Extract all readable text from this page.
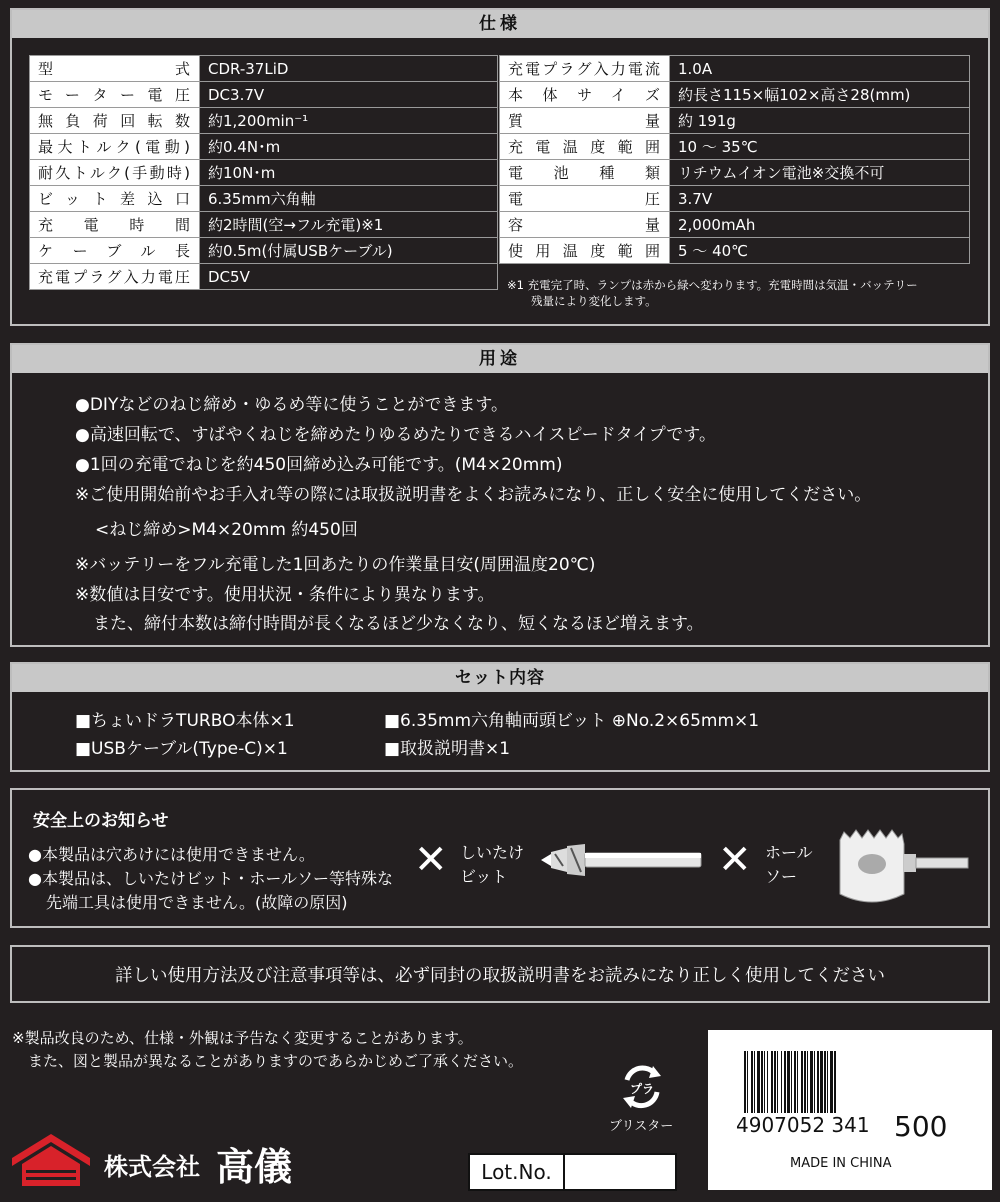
仕様
型式	CDR-37LiD
モーター電圧	DC3.7V
無負荷回転数	約1,200min⁻¹
最大トルク(電動)	約0.4N･m
耐久トルク(手動時)	約10N･m
ビット差込口	6.35mm六角軸
充電時間	約2時間(空→フル充電)※1
ケーブル長	約0.5m(付属USBケーブル)
充電プラグ入力電圧	DC5V
充電プラグ入力電流	1.0A
本体サイズ	約長さ115×幅102×高さ28(mm)
質量	約 191g
充電温度範囲	10 ～ 35℃
電池種類	リチウムイオン電池※交換不可
電圧	3.7V
容量	2,000mAh
使用温度範囲	5 ～ 40℃
※1 充電完了時、ランプは赤から緑へ変わります。充電時間は気温・バッテリー
残量により変化します。
用途
●DIYなどのねじ締め・ゆるめ等に使うことができます。
●高速回転で、すばやくねじを締めたりゆるめたりできるハイスピードタイプです。
●1回の充電でねじを約450回締め込み可能です。(M4×20mm)
※ご使用開始前やお手入れ等の際には取扱説明書をよくお読みになり、正しく安全に使用してください。
<ねじ締め>M4×20mm 約450回
※バッテリーをフル充電した1回あたりの作業量目安(周囲温度20℃)
※数値は目安です。使用状況・条件により異なります。
また、締付本数は締付時間が長くなるほど少なくなり、短くなるほど増えます。
セット内容
■ちょいドラTURBO本体×1	■6.35mm六角軸両頭ビット ⊕No.2×65mm×1
■USBケーブル(Type-C)×1	■取扱説明書×1
安全上のお知らせ
●本製品は穴あけには使用できません。
●本製品は、しいたけビット・ホールソー等特殊な
先端工具は使用できません。(故障の原因)
✕ しいたけ
ビット	✕ ホール
ソー
詳しい使用方法及び注意事項等は、必ず同封の取扱説明書をお読みになり正しく使用してください
※製品改良のため、仕様・外観は予告なく変更することがあります。
また、図と製品が異なることがありますのであらかじめご了承ください。
プラ
ブリスター
株式会社 高儀	Lot.No.
4907052 341 500
MADE IN CHINA
